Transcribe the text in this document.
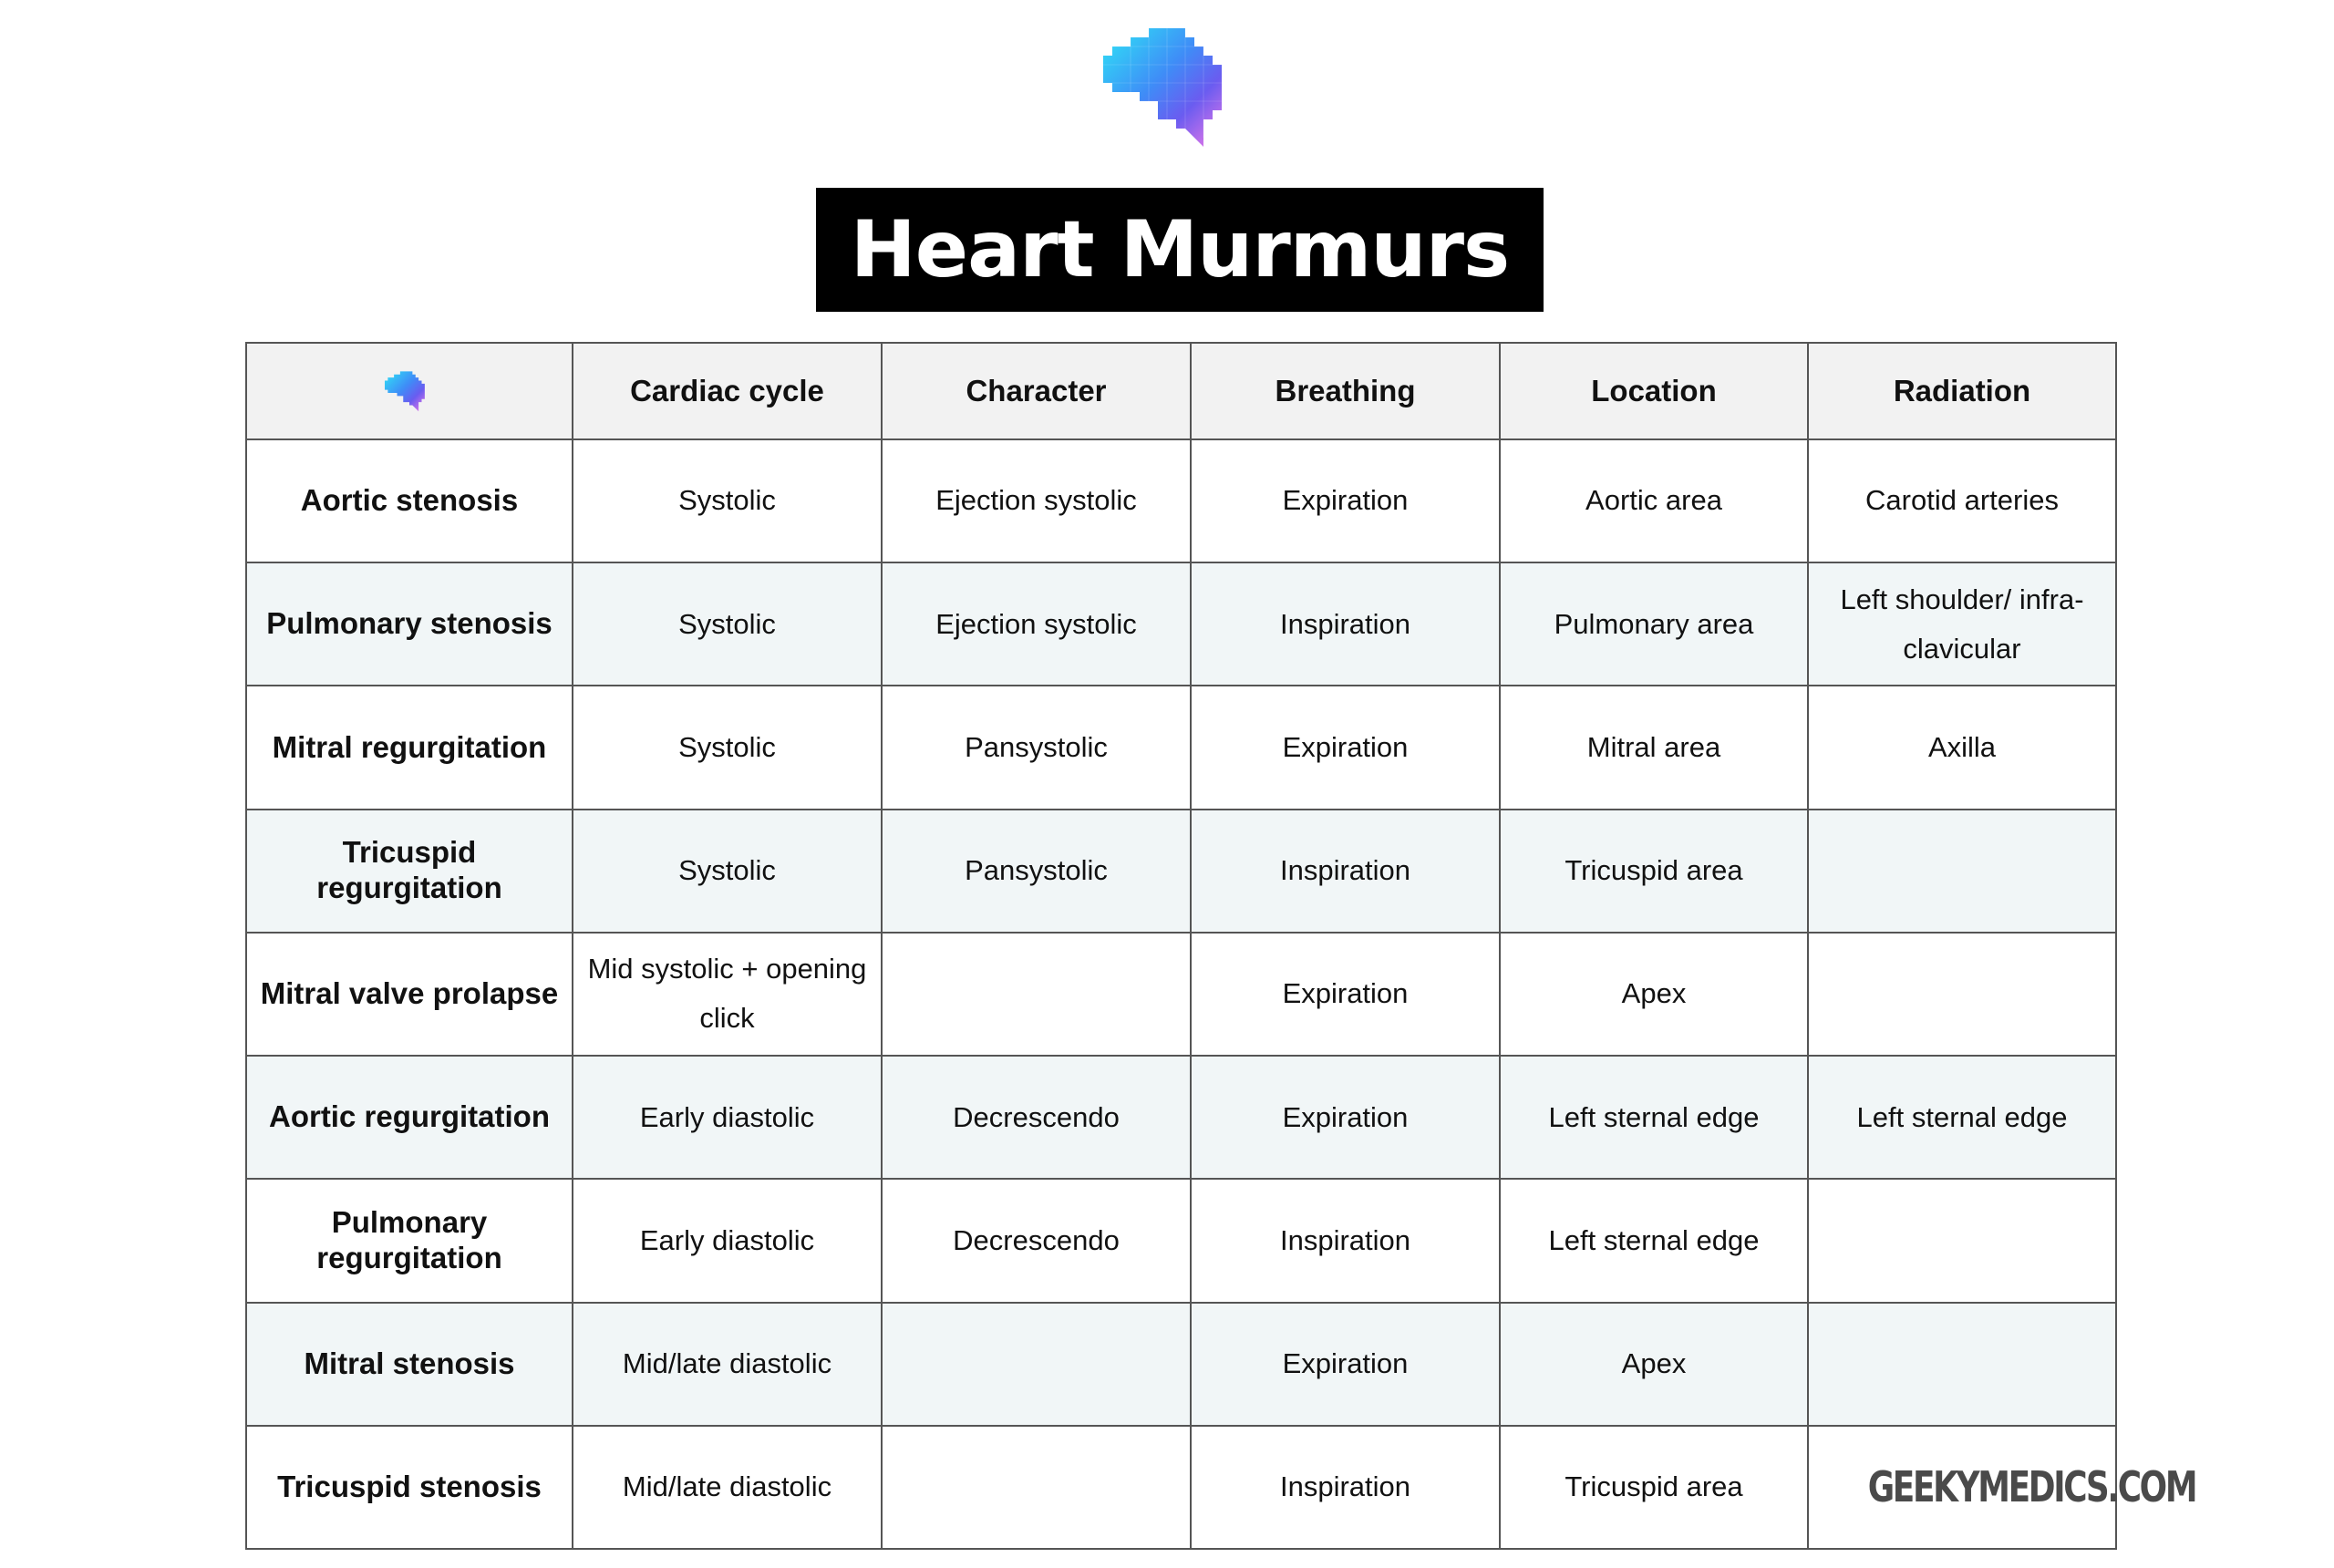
Heart Murmurs
	Cardiac cycle	Character	Breathing	Location	Radiation
Aortic stenosis	Systolic	Ejection systolic	Expiration	Aortic area	Carotid arteries
Pulmonary stenosis	Systolic	Ejection systolic	Inspiration	Pulmonary area	Left shoulder/ infra-clavicular
Mitral regurgitation	Systolic	Pansystolic	Expiration	Mitral area	Axilla
Tricuspid regurgitation	Systolic	Pansystolic	Inspiration	Tricuspid area	
Mitral valve prolapse	Mid systolic + opening click		Expiration	Apex	
Aortic regurgitation	Early diastolic	Decrescendo	Expiration	Left sternal edge	Left sternal edge
Pulmonary regurgitation	Early diastolic	Decrescendo	Inspiration	Left sternal edge	
Mitral stenosis	Mid/late diastolic		Expiration	Apex	
Tricuspid stenosis	Mid/late diastolic		Inspiration	Tricuspid area	GEEKYMEDICS.COM
